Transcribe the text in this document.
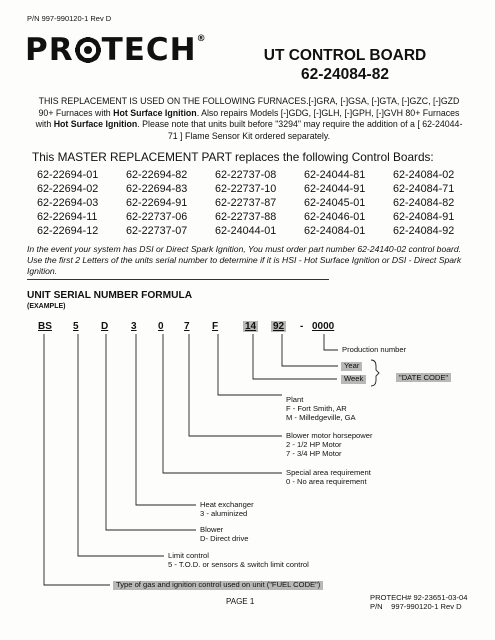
P/N 997-990120-1 Rev D
PR TECH®
UT CONTROL BOARD
62-24084-82
THIS REPLACEMENT IS USED ON THE FOLLOWING FURNACES.[-]GRA, [-]GSA, [-]GTA, [-]GZC, [-]GZD 90+ Furnaces with Hot Surface Ignition. Also repairs Models [-]GDG, [-]GLH, [-]GPH, [-]GVH 80+ Furnaces with Hot Surface Ignition. Please note that units built before "3294" may require the addition of a [ 62-24044-71 ] Flame Sensor Kit ordered separately.
This MASTER REPLACEMENT PART replaces the following Control Boards:
62-22694-01	62-22694-82	62-22737-08	62-24044-81	62-24084-02
62-22694-02	62-22694-83	62-22737-10	62-24044-91	62-24084-71
62-22694-03	62-22694-91	62-22737-87	62-24045-01	62-24084-82
62-22694-11	62-22737-06	62-22737-88	62-24046-01	62-24084-91
62-22694-12	62-22737-07	62-24044-01	62-24084-01	62-24084-92
In the event your system has DSI or Direct Spark Ignition, You must order part number 62-24140-02 control board. Use the first 2 Letters of the units serial number to determine if it is HSI - Hot Surface Ignition or DSI - Direct Spark Ignition.
UNIT SERIAL NUMBER FORMULA
(EXAMPLE)
BS 5 D 3 0 7 F	14 92 - 0000
Production number
Year
Week	"DATE CODE"
Plant
F - Fort Smith, AR
M - Milledgeville, GA
Blower motor horsepower
2 - 1/2 HP Motor
7 - 3/4 HP Motor
Special area requirement
0 - No area requirement
Heat exchanger
3 - aluminized
Blower
D- Direct drive
Limit control
5 - T.O.D. or sensors & switch limit control
Type of gas and ignition control used on unit ("FUEL CODE")
PAGE 1	PROTECH# 92-23651-03-04
P/N 997-990120-1 Rev D
